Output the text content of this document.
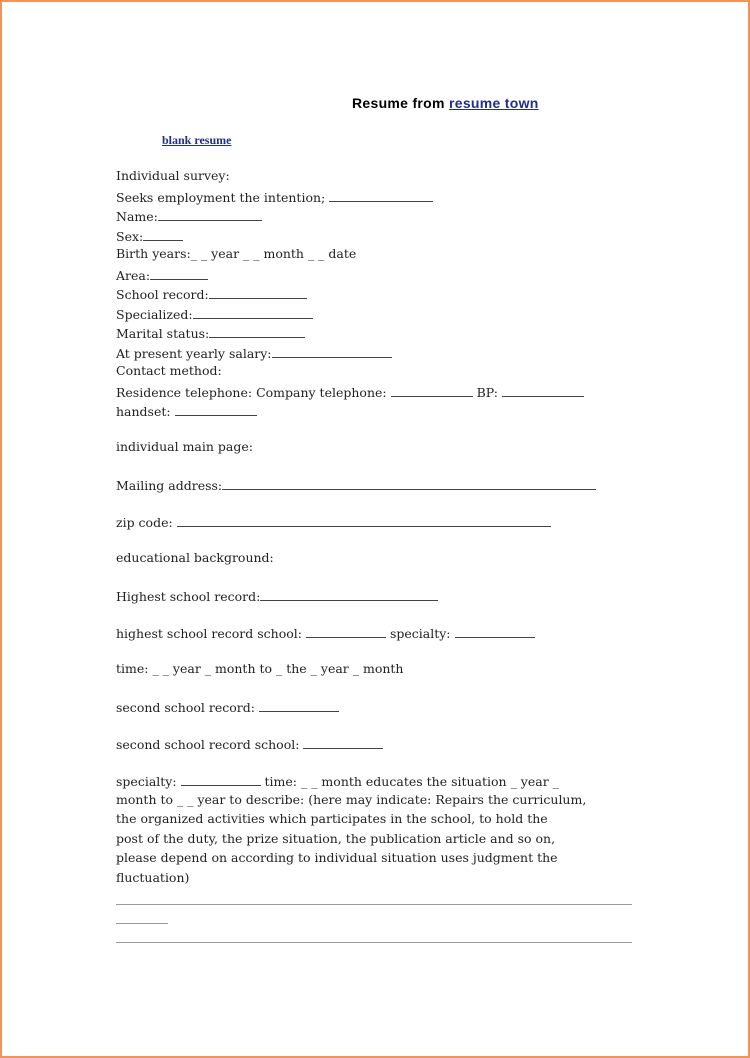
Resume from resume town
blank resume
Individual survey:
Seeks employment the intention;
Name:
Sex:
Birth years:_ _ year _ _ month _ _ date
Area:
School record:
Specialized:
Marital status:
At present yearly salary:
Contact method:
Residence telephone: Company telephone:	BP:
handset:
individual main page:
Mailing address:
zip code:
educational background:
Highest school record:
highest school record school:	specialty:
time: _ _ year _ month to _ the _ year _ month
second school record:
second school record school:
specialty:	time: _ _ month educates the situation _ year _
month to _ _ year to describe: (here may indicate: Repairs the curriculum,
the organized activities which participates in the school, to hold the
post of the duty, the prize situation, the publication article and so on,
please depend on according to individual situation uses judgment the
fluctuation)
